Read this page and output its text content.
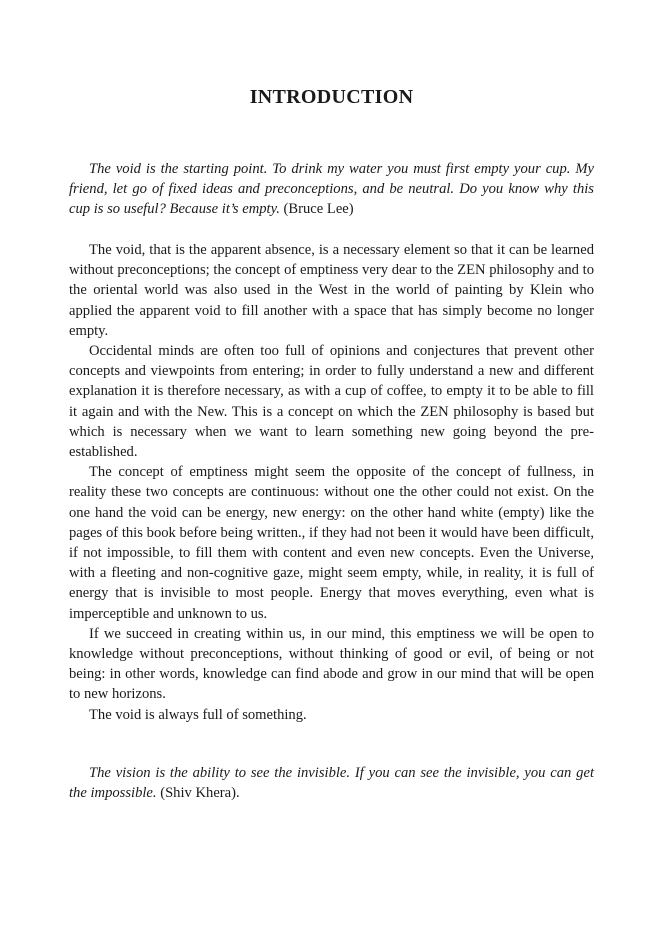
INTRODUCTION

The void is the starting point. To drink my water you must first empty your cup. My friend, let go of fixed ideas and preconceptions, and be neutral. Do you know why this cup is so useful? Because it’s empty. (Bruce Lee)

The void, that is the apparent absence, is a necessary element so that it can be learned without preconceptions; the concept of emptiness very dear to the ZEN philosophy and to the oriental world was also used in the West in the world of painting by Klein who applied the apparent void to fill another with a space that has simply become no longer empty.

Occidental minds are often too full of opinions and conjectures that prevent other concepts and viewpoints from entering; in order to fully understand a new and different explanation it is therefore necessary, as with a cup of coffee, to empty it to be able to fill it again and with the New. This is a concept on which the ZEN philosophy is based but which is necessary when we want to learn something new going beyond the pre-established.

The concept of emptiness might seem the opposite of the concept of fullness, in reality these two concepts are continuous: without one the other could not exist. On the one hand the void can be energy, new energy: on the other hand white (empty) like the pages of this book before being written., if they had not been it would have been difficult, if not impossible, to fill them with content and even new concepts. Even the Universe, with a fleeting and non-cognitive gaze, might seem empty, while, in reality, it is full of energy that is invisible to most people. Energy that moves everything, even what is imperceptible and unknown to us.

If we succeed in creating within us, in our mind, this emptiness we will be open to knowledge without preconceptions, without thinking of good or evil, of being or not being: in other words, knowledge can find abode and grow in our mind that will be open to new horizons.

The void is always full of something.

The vision is the ability to see the invisible. If you can see the invisible, you can get the impossible. (Shiv Khera).
